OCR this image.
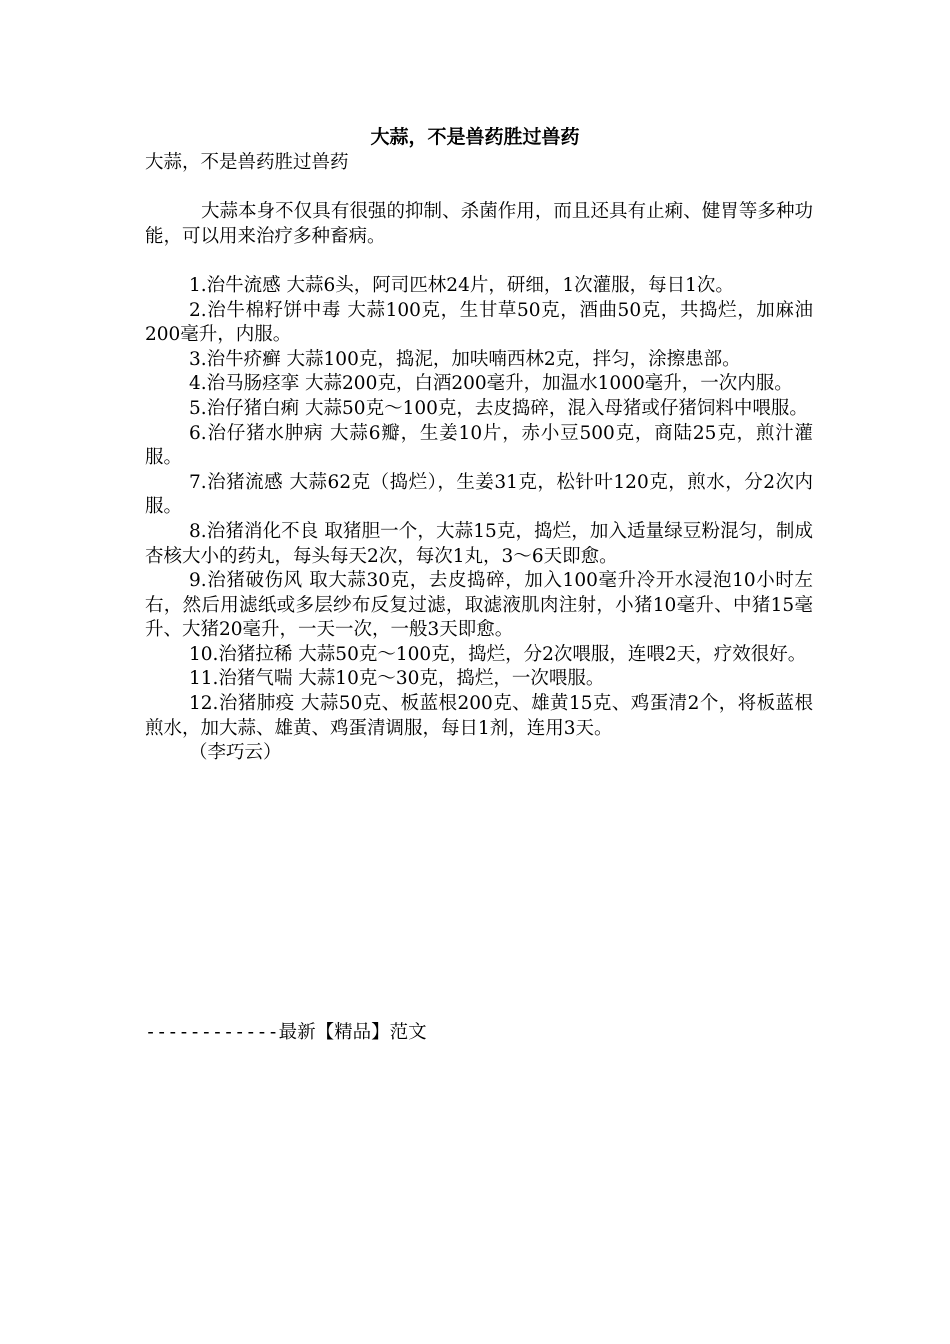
大蒜，不是兽药胜过兽药

大蒜，不是兽药胜过兽药

大蒜本身不仅具有很强的抑制、杀菌作用，而且还具有止痢、健胃等多种功能，可以用来治疗多种畜病。

1.治牛流感 大蒜6头，阿司匹林24片，研细，1次灌服，每日1次。

2.治牛棉籽饼中毒 大蒜100克，生甘草50克，酒曲50克，共捣烂，加麻油200毫升，内服。

3.治牛疥癣 大蒜100克，捣泥，加呋喃西林2克，拌匀，涂擦患部。

4.治马肠痉挛 大蒜200克，白酒200毫升，加温水1000毫升，一次内服。

5.治仔猪白痢 大蒜50克～100克，去皮捣碎，混入母猪或仔猪饲料中喂服。

6.治仔猪水肿病 大蒜6瓣，生姜10片，赤小豆500克，商陆25克，煎汁灌服。

7.治猪流感 大蒜62克（捣烂），生姜31克，松针叶120克，煎水，分2次内服。

8.治猪消化不良 取猪胆一个，大蒜15克，捣烂，加入适量绿豆粉混匀，制成杏核大小的药丸，每头每天2次，每次1丸，3～6天即愈。

9.治猪破伤风 取大蒜30克，去皮捣碎，加入100毫升冷开水浸泡10小时左右，然后用滤纸或多层纱布反复过滤，取滤液肌肉注射，小猪10毫升、中猪15毫升、大猪20毫升，一天一次，一般3天即愈。

10.治猪拉稀 大蒜50克～100克，捣烂，分2次喂服，连喂2天，疗效很好。

11.治猪气喘 大蒜10克～30克，捣烂，一次喂服。

12.治猪肺疫 大蒜50克、板蓝根200克、雄黄15克、鸡蛋清2个，将板蓝根煎水，加大蒜、雄黄、鸡蛋清调服，每日1剂，连用3天。

（李巧云）

------------最新【精品】范文
